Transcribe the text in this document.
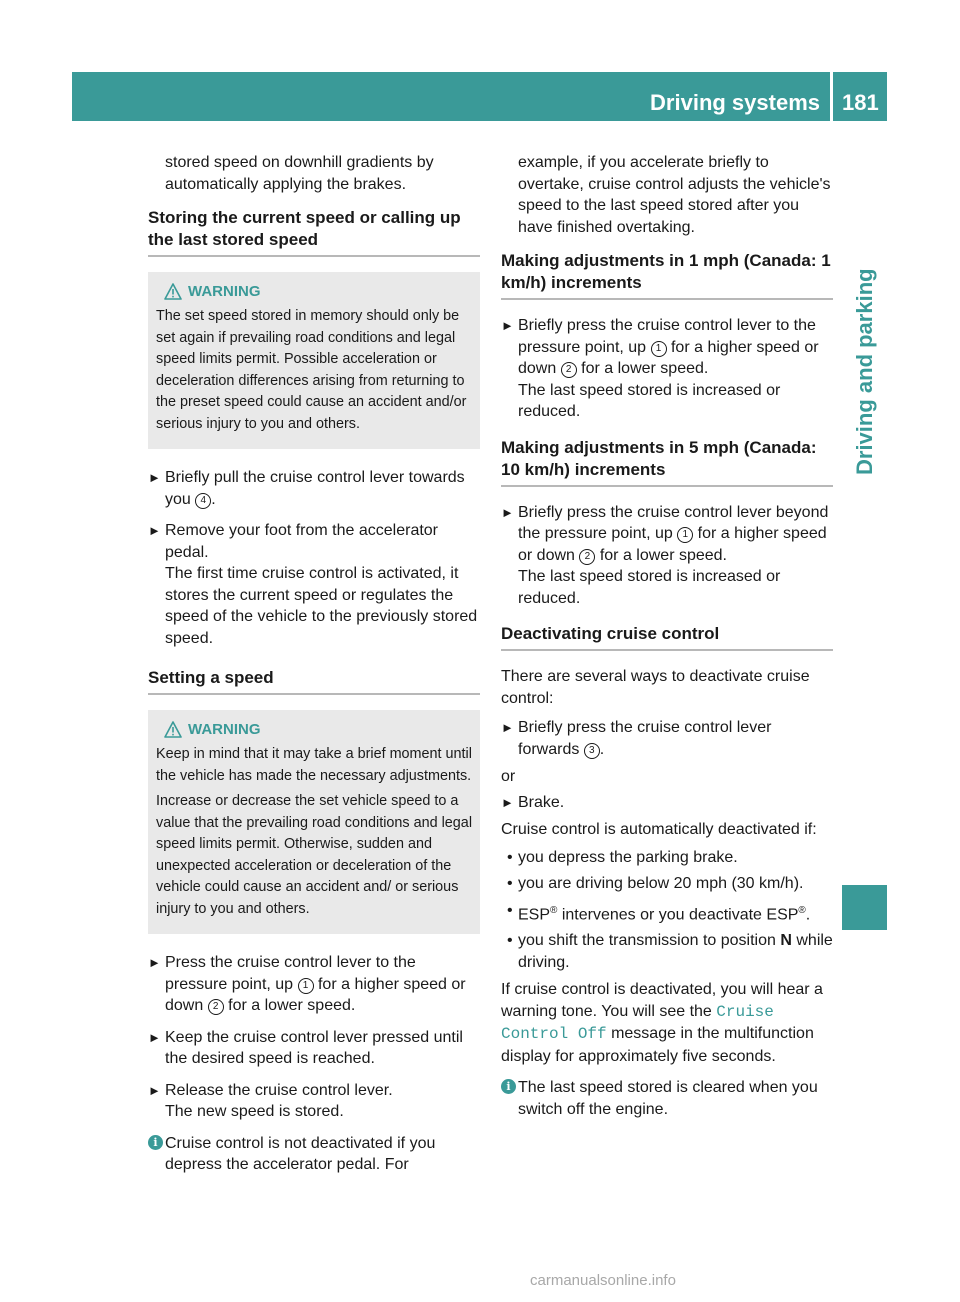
Driving systems 181
Driving and parking

stored speed on downhill gradients by automatically applying the brakes.

Storing the current speed or calling up the last stored speed
WARNING

The set speed stored in memory should only be set again if prevailing road conditions and legal speed limits permit. Possible acceleration or deceleration differences arising from returning to the preset speed could cause an accident and/or serious injury to you and others.

► Briefly pull the cruise control lever towards you 4 .
► Remove your foot from the accelerator pedal.
The first time cruise control is activated, it stores the current speed or regulates the speed of the vehicle to the previously stored speed.
Setting a speed
WARNING

Keep in mind that it may take a brief moment until the vehicle has made the necessary adjustments.

Increase or decrease the set vehicle speed to a value that the prevailing road conditions and legal speed limits permit. Otherwise, sudden and unexpected acceleration or deceleration of the vehicle could cause an accident and/ or serious injury to you and others.

► Press the cruise control lever to the pressure point, up 1 for a higher speed or down 2 for a lower speed.
► Keep the cruise control lever pressed until the desired speed is reached.
► Release the cruise control lever.
The new speed is stored.
i Cruise control is not deactivated if you depress the accelerator pedal. For

example, if you accelerate briefly to overtake, cruise control adjusts the vehicle's speed to the last speed stored after you have finished overtaking.

Making adjustments in 1 mph (Canada: 1 km/h) increments
► Briefly press the cruise control lever to the pressure point, up 1 for a higher speed or down 2 for a lower speed.
The last speed stored is increased or reduced.
Making adjustments in 5 mph (Canada: 10 km/h) increments
► Briefly press the cruise control lever beyond the pressure point, up 1 for a higher speed or down 2 for a lower speed.
The last speed stored is increased or reduced.
Deactivating cruise control

There are several ways to deactivate cruise control:

► Briefly press the cruise control lever forwards 3 .

or

► Brake.

Cruise control is automatically deactivated if:

• you depress the parking brake.
• you are driving below 20 mph (30 km/h).
• ESP® intervenes or you deactivate ESP®.
• you shift the transmission to position N while driving.

If cruise control is deactivated, you will hear a warning tone. You will see the Cruise Control Off message in the multifunction display for approximately five seconds.

i The last speed stored is cleared when you switch off the engine.
carmanualsonline.info
